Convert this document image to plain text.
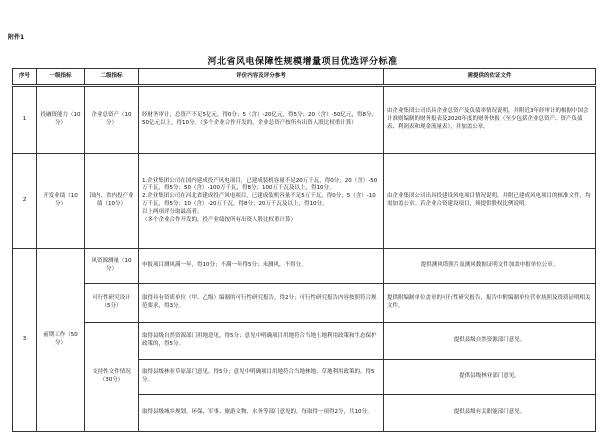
附件1
河北省风电保障性规模增量项目优选评分标准
序号	一级指标	二级指标	评价内容及评分参考	需提供的佐证文件
1	投融资能力（10分）	企业总资产（10分）	经财务审计，总资产不足5亿元，得0分；5（含）-20亿元，得5分；20（含）-50亿元，得8分；50亿元以上，得10分。（多个企业合作开发的，企业总资产按所有出资人股比权重计算）	由企业集团公司出具企业总资产及负债率情况说明，并附近3年经审计的根据中国会计准则编制的财务报表及2020年度的财务快报（至少包括企业总资产、资产负债表、利润表和现金流量表），并加盖公章。
2	开发业绩（10分）	国内、省内投产业绩（10分）	1.企业集团公司在国内建成投产风电项目，已建成装机容量不足20万千瓦，得0分；20（含）-50万千瓦，得5分；50（含）-100万千瓦，得8分；100万千瓦及以上，得10分。
2.企业集团公司在河北省建成投产风电项目，已建成装机容量不足5万千瓦，得0分；5（含）-10万千瓦，得5分；10（含）-20万千瓦，得8分；20万千瓦及以上，得10分。
以上两项评分取最高者。
（多个企业合作开发的，投产业绩按所有出资人股比权重计算）	由企业集团公司出具投建设风电项目情况说明，并附已建成风电项目的核准文件，均需加盖公章。若企业合资建设项目，须提供股权比例说明。
3	前期工作（50分）	风资源测量（10分）	申报项目测风满一年，得10分；不满一年得5分；未测风，不得分。	提供测风塔照片及测风数据证明文件加盖申报单位公章。
		可行性研究设计（5分）	取得具有资质单位（甲、乙级）编制的可行性研究报告，得2分；可行性研究报告内容按照符合规范要求，得3分。	提供附编制单位盖章的可行性研究报告，报告中附编制单位营业执照及资质证明相关文件。
		支持性文件情况（30分）	取得县级自然资源部门用地意见，得5分；意见中明确项目用地符合当地土地利用政策和生态保护政策的，得5分。	提供县级自然资源部门意见。
			取得县级林业草原部门意见，得5分；意见中明确项目用地符合当地林地、草地利用政策的，得5分。	提供县级林业部门意见。
			取得县级城乡规划、环保、军事、旅游文物、水务等部门意见的，每取得一项得2分，共10分。	提供县级有关职能部门意见。
